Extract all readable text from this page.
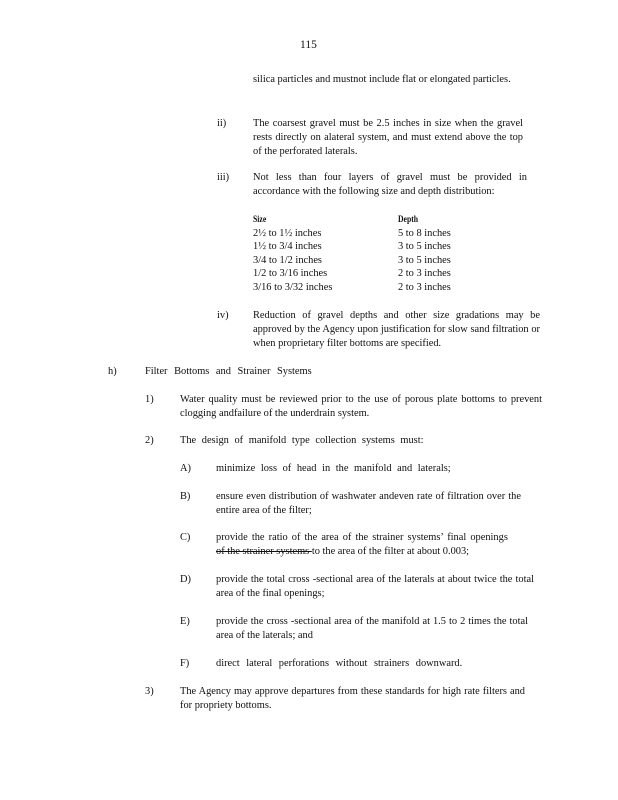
115
silica particles and mustnot include flat or elongated particles.
ii)	The coarsest gravel must be 2.5 inches in size when the gravel rests directly on alateral system, and must extend above the top of the perforated laterals.
iii) Not less than four layers of gravel must be provided in accordance with the following size and depth distribution:
Size	Depth
2½ to 1½ inches	5 to 8 inches
1½ to 3/4 inches	3 to 5 inches
3/4 to 1/2 inches	3 to 5 inches
1/2 to 3/16 inches	2 to 3 inches
3/16 to 3/32 inches	2 to 3 inches
iv) Reduction of gravel depths and other size gradations may be approved by the Agency upon justification for slow sand filtration or when proprietary filter bottoms are specified.
h)	Filter Bottoms and Strainer Systems
1)	Water quality must be reviewed prior to the use of porous plate bottoms to prevent clogging andfailure of the underdrain system.
2)	The design of manifold type collection systems must:
A) minimize loss of head in the manifold and laterals;
B) ensure even distribution of washwater andeven rate of filtration over the entire area of the filter;
C) provide the ratio of the area of the strainer systems’ final openings
of the strainer systems to the area of the filter at about 0.003;
D) provide the total cross -sectional area of the laterals at about twice the total area of the final openings;
E)	provide the cross -sectional area of the manifold at 1.5 to 2 times the total area of the laterals; and
F)	direct lateral perforations without strainers downward.
3)	The Agency may approve departures from these standards for high rate filters and for propriety bottoms.
